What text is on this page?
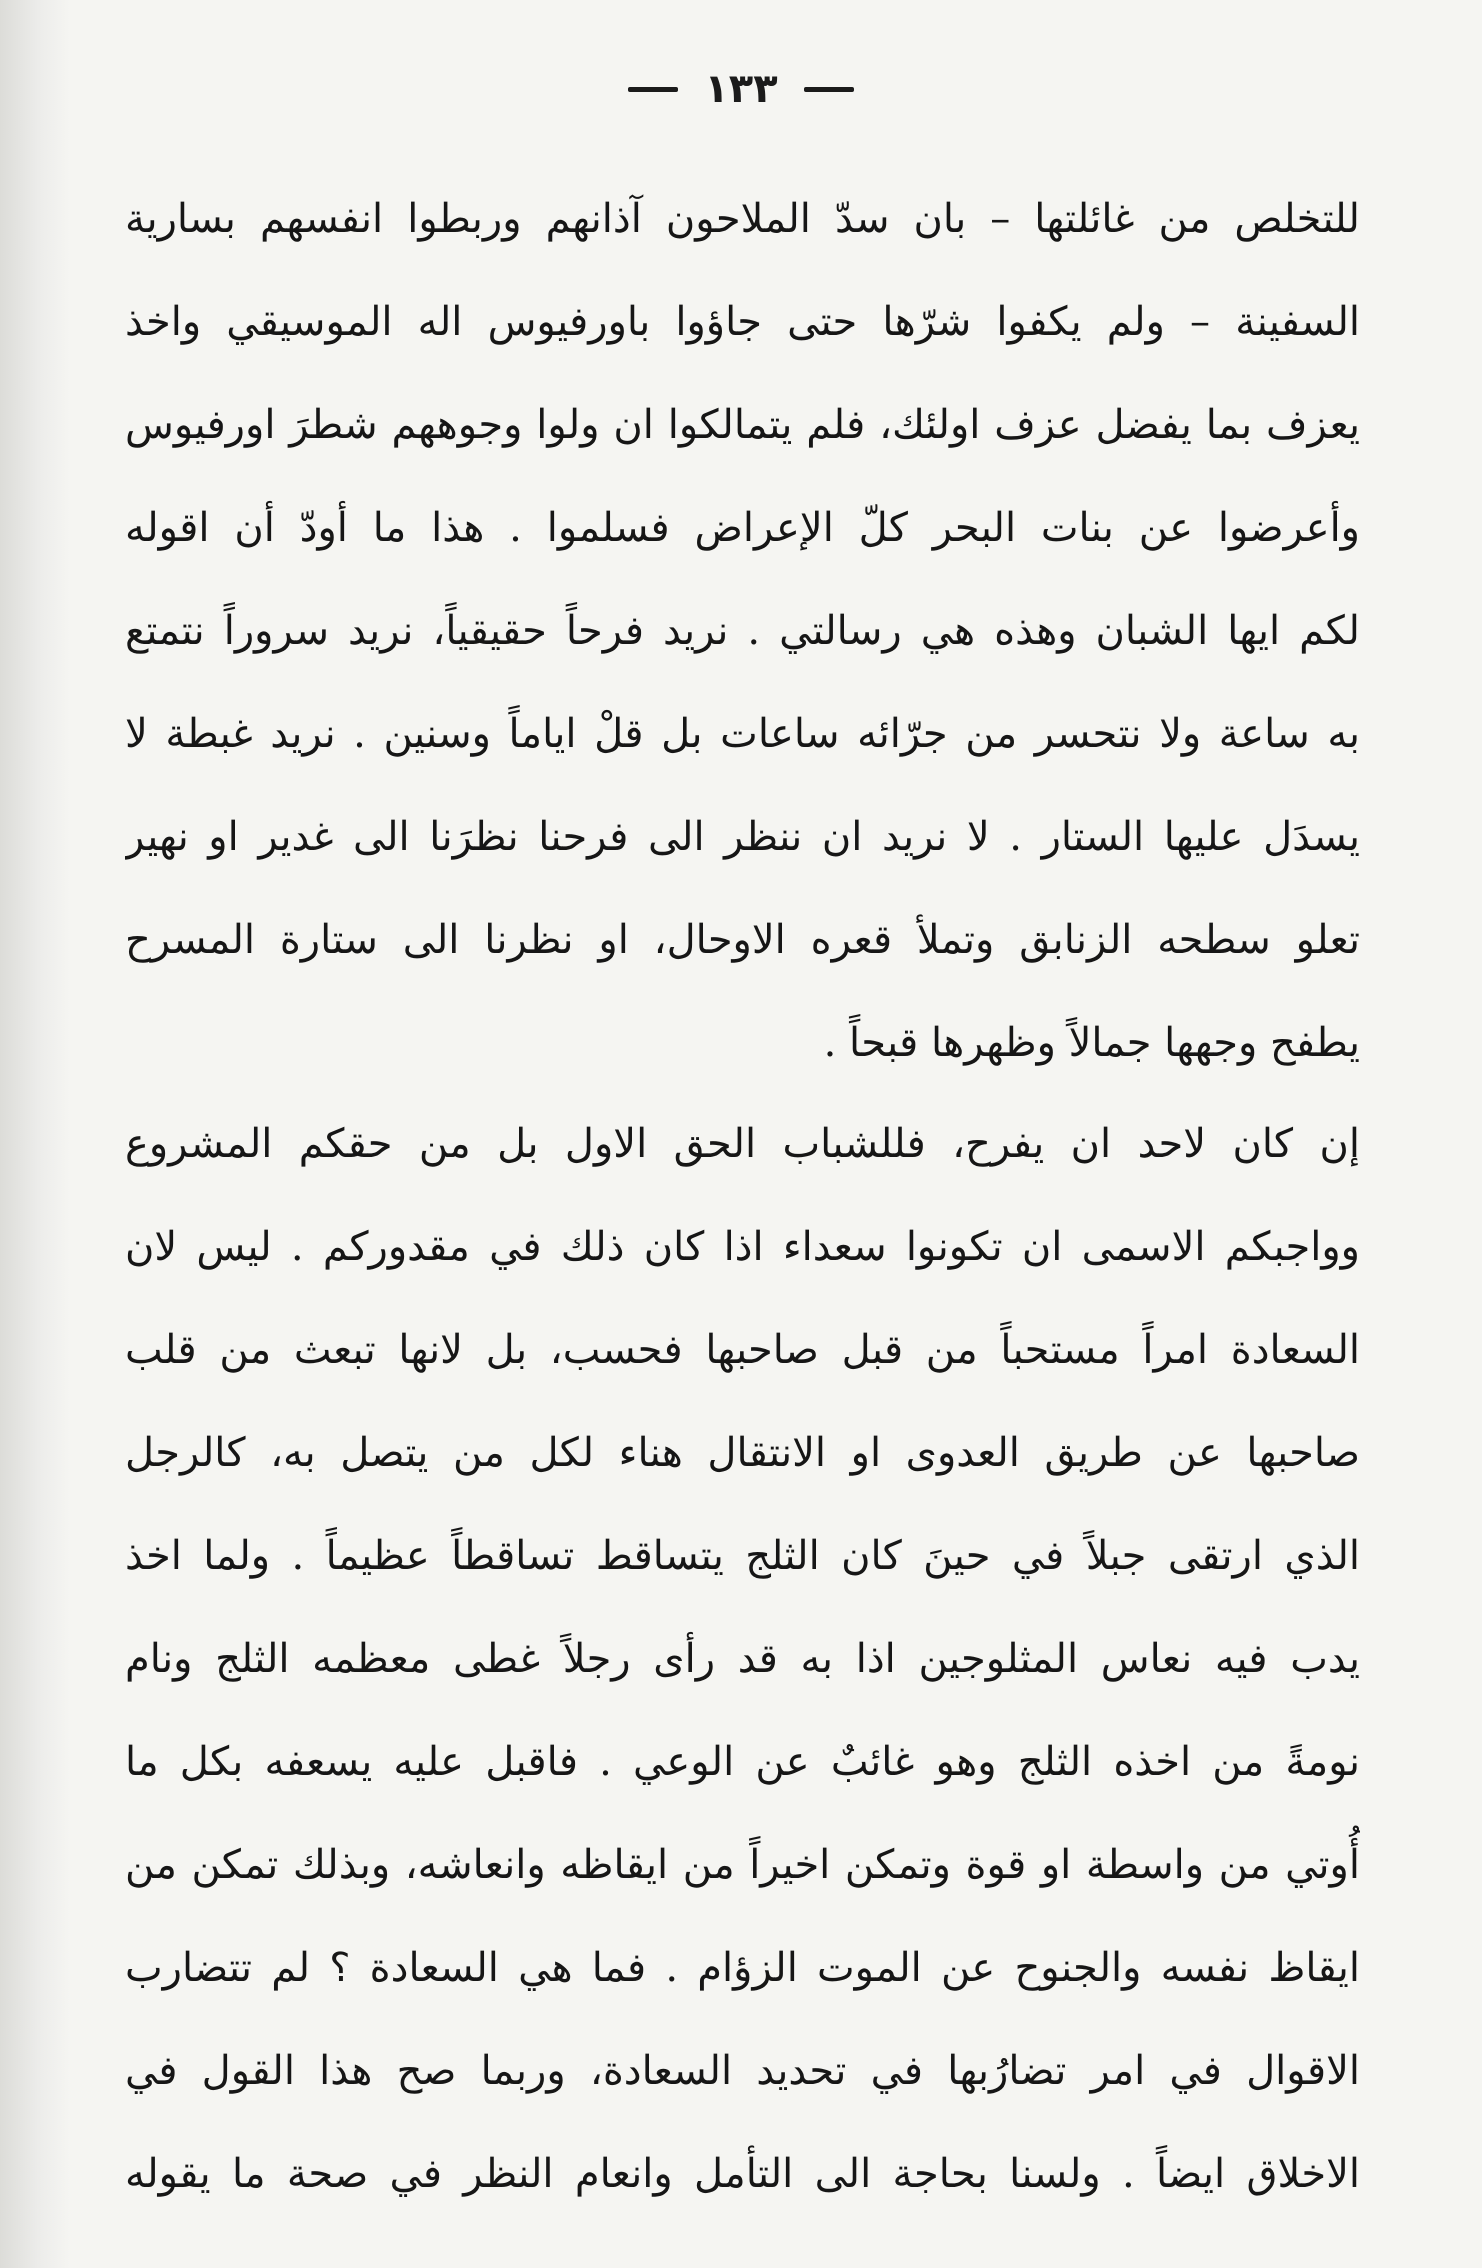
١٣٣
للتخلص من غائلتها – بان سدّ الملاحون آذانهم وربطوا انفسهم بسارية
السفينة – ولم يكفوا شرّها حتى جاؤوا باورفيوس اله الموسيقي واخذ
يعزف بما يفضل عزف اولئك، فلم يتمالكوا ان ولوا وجوههم شطرَ اورفيوس
وأعرضوا عن بنات البحر كلّ الإعراض فسلموا . هذا ما أودّ أن اقوله
لكم ايها الشبان وهذه هي رسالتي . نريد فرحاً حقيقياً، نريد سروراً نتمتع
به ساعة ولا نتحسر من جرّائه ساعات بل قلْ اياماً وسنين . نريد غبطة لا
يسدَل عليها الستار . لا نريد ان ننظر الى فرحنا نظرَنا الى غدير او نهير
تعلو سطحه الزنابق وتملأ قعره الاوحال، او نظرنا الى ستارة المسرح
يطفح وجهها جمالاً وظهرها قبحاً .
إن كان لاحد ان يفرح، فللشباب الحق الاول بل من حقكم المشروع
وواجبكم الاسمى ان تكونوا سعداء اذا كان ذلك في مقدوركم . ليس لان
السعادة امراً مستحباً من قبل صاحبها فحسب، بل لانها تبعث من قلب
صاحبها عن طريق العدوى او الانتقال هناء لكل من يتصل به، كالرجل
الذي ارتقى جبلاً في حينَ كان الثلج يتساقط تساقطاً عظيماً . ولما اخذ
يدب فيه نعاس المثلوجين اذا به قد رأى رجلاً غطى معظمه الثلج ونام
نومةً من اخذه الثلج وهو غائبٌ عن الوعي . فاقبل عليه يسعفه بكل ما
أُوتي من واسطة او قوة وتمكن اخيراً من ايقاظه وانعاشه، وبذلك تمكن من
ايقاظ نفسه والجنوح عن الموت الزؤام . فما هي السعادة ؟ لم تتضارب
الاقوال في امر تضارُبها في تحديد السعادة، وربما صح هذا القول في
الاخلاق ايضاً . ولسنا بحاجة الى التأمل وانعام النظر في صحة ما يقوله
